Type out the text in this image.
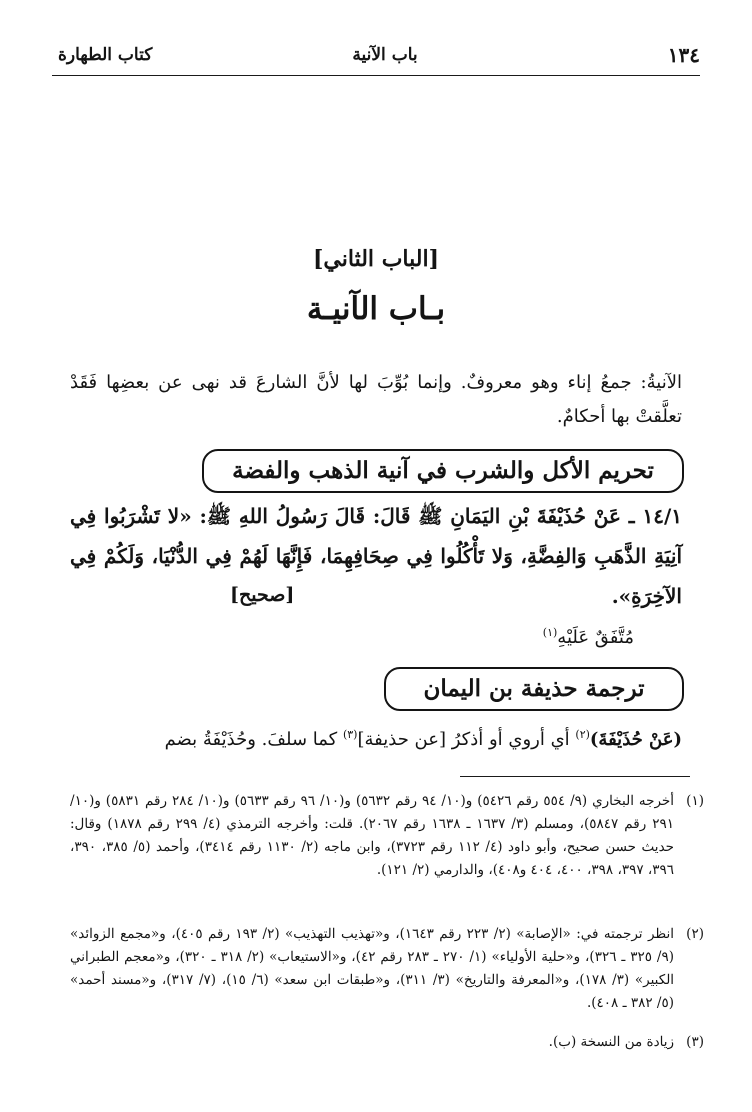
١٣٤
باب الآنية
كتاب الطهارة
[الباب الثاني]
بـاب الآنيـة
الآنيةُ: جمعُ إناء وهو معروفٌ. وإنما بُوِّبَ لها لأنَّ الشارعَ قد نهى عن بعضِها فَقَدْ تعلَّقتْ بها أحكامٌ.
تحريم الأكل والشرب في آنية الذهب والفضة
١٤/١ ـ عَنْ حُذَيْفَةَ بْنِ اليَمَانِ ﷺ قَالَ: قَالَ رَسُولُ اللهِ ﷺ: «لا تَشْرَبُوا فِي آنِيَةِ الذَّهَبِ وَالفِضَّةِ، وَلا تَأْكُلُوا فِي صِحَافِهِمَا، فَإِنَّهَا لَهُمْ فِي الدُّنْيَا، وَلَكُمْ فِي الآخِرَةِ».
[صحيح]
مُتَّفَقٌ عَلَيْهِ$^{(١)}$
ترجمة حذيفة بن اليمان
(عَنْ حُذَيْفَةَ)$^{(٢)}$ أي أروي أو أذكرُ [عن حذيفة]$^{(٣)}$ كما سلفَ. وحُذَيْفَةُ بضم
(١)
أخرجه البخاري (٩/ ٥٥٤ رقم ٥٤٢٦) و(١٠/ ٩٤ رقم ٥٦٣٢) و(١٠/ ٩٦ رقم ٥٦٣٣) و(١٠/ ٢٨٤ رقم ٥٨٣١) و(١٠/ ٢٩١ رقم ٥٨٤٧)، ومسلم (٣/ ١٦٣٧ ـ ١٦٣٨ رقم ٢٠٦٧). قلت: وأخرجه الترمذي (٤/ ٢٩٩ رقم ١٨٧٨) وقال: حديث حسن صحيح، وأبو داود (٤/ ١١٢ رقم ٣٧٢٣)، وابن ماجه (٢/ ١١٣٠ رقم ٣٤١٤)، وأحمد (٥/ ٣٨٥، ٣٩٠، ٣٩٦، ٣٩٧، ٣٩٨، ٤٠٠، ٤٠٤ و٤٠٨)، والدارمي (٢/ ١٢١).
(٢)
انظر ترجمته في: «الإصابة» (٢/ ٢٢٣ رقم ١٦٤٣)، و«تهذيب التهذيب» (٢/ ١٩٣ رقم ٤٠٥)، و«مجمع الزوائد» (٩/ ٣٢٥ ـ ٣٢٦)، و«حلية الأولياء» (١/ ٢٧٠ ـ ٢٨٣ رقم ٤٢)، و«الاستيعاب» (٢/ ٣١٨ ـ ٣٢٠)، و«معجم الطبراني الكبير» (٣/ ١٧٨)، و«المعرفة والتاريخ» (٣/ ٣١١)، و«طبقات ابن سعد» (٦/ ١٥)، (٧/ ٣١٧)، و«مسند أحمد» (٥/ ٣٨٢ ـ ٤٠٨).
(٣)
زيادة من النسخة (ب).
